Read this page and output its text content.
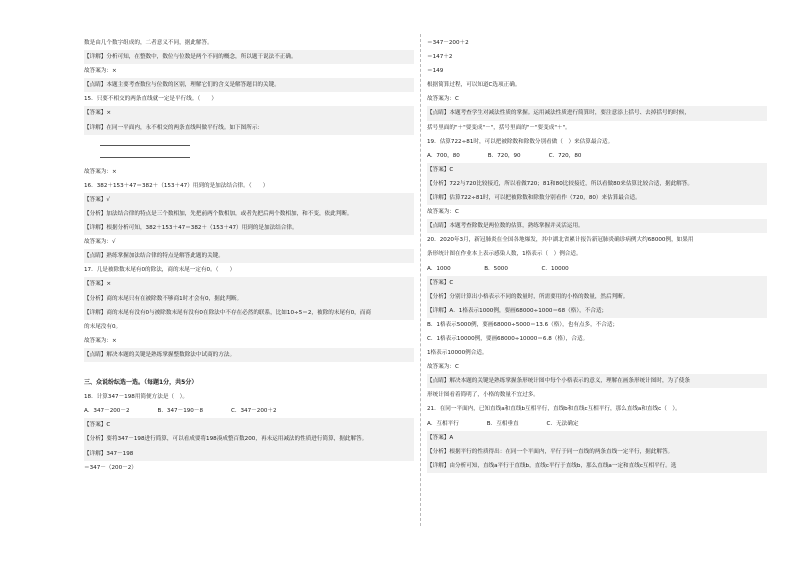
数是由几个数字组成的，二者意义不同，据此解答。
【详解】分析可知，在整数中，数位与位数是两个不同的概念，所以题干说法不正确。
故答案为：×
【点睛】本题主要考查数位与位数的区别，理解它们的含义是解答题目的关键。
15．只要不相交的两条直线就一定是平行线。（　　）
【答案】×
【详解】在同一平面内，永不相交的两条直线叫做平行线。如下图所示：
故答案为：×
16．382＋153＋47＝382＋（153＋47）用到的是加法结合律。（　　）
【答案】√
【分析】加法结合律的特点是三个数相加，先把前两个数相加，或者先把后两个数相加，和不变，依此判断。
【详解】根据分析可知，382＋153＋47＝382＋（153＋47）用到的是加法结合律。
故答案为：√
【点睛】熟练掌握加法结合律的特点是解答此题的关键。
17．几是被除数末尾有0的除法，商的末尾一定有0。（　　）
【答案】×
【分析】商的末尾只有在被除数不够商1时才会有0，据此判断。
【详解】商的末尾有没有0与被除数末尾有没有0在除法中不存在必然的联系，比如10÷5＝2，被除的末尾有0，而商
的末尾没有0。
故答案为：×
【点睛】解决本题的关键是熟练掌握整数除法中试商的方法。
三、众说纷纭选一选。（每题1分，共5分）
18．计算347－198用简便方法是（　）。
A．347－200－2　　　　　B．347－190－8　　　　　C．347－200＋2
【答案】C
【分析】要将347－198进行简算，可以看成要将198凑成整百数200，再未运用减法的性质进行简算，据此解答。
【详解】347－198
＝347－（200－2）
＝347－200＋2
＝147＋2
＝149
根据简算过程，可以知道C选项正确。
故答案为：C
【点睛】本题考查学生对减法性质的掌握。运用减法性质进行简算时，要注意添上括号、去掉括号的时候，
括号里面的"＋"要变成"－"，括号里面的"－"要变成"＋"。
19．估算722÷81时，可以把被除数和除数分别看做（　）来估算最合适。
A．700，80　　　　　B．720，90　　　　　C．720，80
【答案】C
【分析】722与720比较接近，所以看做720；81和80比较接近，所以看做80来估算比较合适，据此解答。
【详解】估算722÷81时，可以把被除数和除数分别看作（720，80）来估算最合适。
故答案为：C
【点睛】本题考查除数是两位数的估算，熟练掌握并灵活运用。
20．2020年3月，新冠肺炎在全国各地爆发，其中湖北省累计报告新冠肺炎确诊病例大约68000例，如果用
条形统计图在作业本上表示感染人数，1格表示（　）例合适。
A．1000　　　　　　B．5000　　　　　　C．10000
【答案】C
【分析】分别计算出小格表示不同的数量时，所需要用的小格的数量，然后判断。
【详解】A．1格表示1000例，要画68000÷1000＝68（格），不合适；
B．1格表示5000例，要画68000÷5000＝13.6（格），也有点多，不合适；
C．1格表示10000例，要画68000÷10000＝6.8（格），合适。
1格表示10000例合适。
故答案为：C
【点睛】解决本题的关键是熟练掌握条形统计图中每个小格表示的意义，理解在画条形统计图时，为了使条
形统计图看着简明了，小格的数量不宜过多。
21．在同一平面内，已知直线a和直线b互相平行，直线b和直线c互相平行，那么直线a和直线c（　）。
A．互相平行　　　　　B．互相垂直　　　　　C．无法确定
【答案】A
【分析】根据平行的性质得出：在同一个平面内，平行于同一直线的两条直线一定平行，据此解答。
【详解】由分析可知，直线a平行于直线b，直线c平行于直线b，那么直线a一定和直线c互相平行。选
